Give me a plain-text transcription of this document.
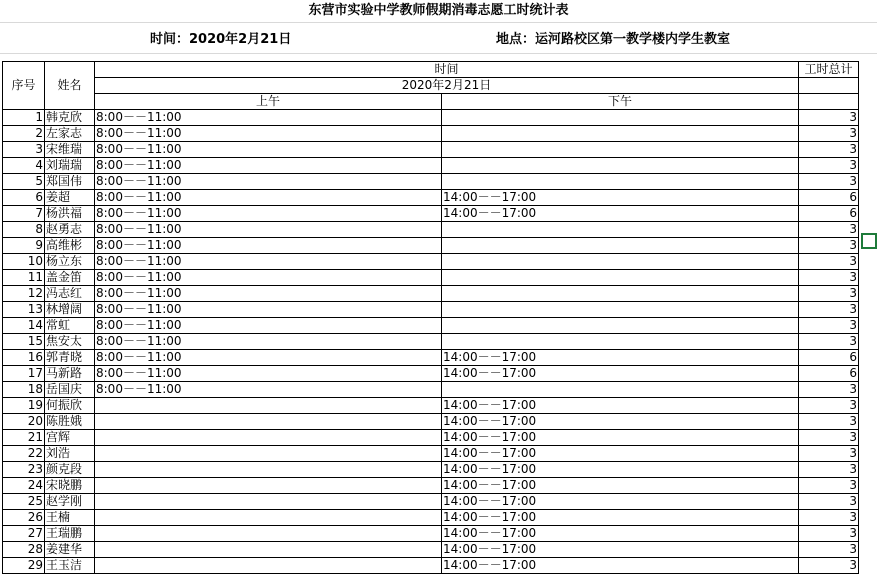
东营市实验中学教师假期消毒志愿工时统计表
时间：2020年2月21日	地点：运河路校区第一教学楼内学生教室
序号	姓名	时间		工时总计
		2020年2月21日		
		上午	下午	
1	韩克欣	8:00－－11:00		3
2	左家志	8:00－－11:00		3
3	宋维瑞	8:00－－11:00		3
4	刘瑞瑞	8:00－－11:00		3
5	郑国伟	8:00－－11:00		3
6	姜超	8:00－－11:00	14:00－－17:00	6
7	杨洪福	8:00－－11:00	14:00－－17:00	6
8	赵勇志	8:00－－11:00		3
9	高维彬	8:00－－11:00		3
10	杨立东	8:00－－11:00		3
11	盖金笛	8:00－－11:00		3
12	冯志红	8:00－－11:00		3
13	林增阔	8:00－－11:00		3
14	常虹	8:00－－11:00		3
15	焦安太	8:00－－11:00		3
16	郭青晓	8:00－－11:00	14:00－－17:00	6
17	马新路	8:00－－11:00	14:00－－17:00	6
18	岳国庆	8:00－－11:00		3
19	何振欣		14:00－－17:00	3
20	陈胜娥		14:00－－17:00	3
21	宫辉		14:00－－17:00	3
22	刘浩		14:00－－17:00	3
23	颜克段		14:00－－17:00	3
24	宋晓鹏		14:00－－17:00	3
25	赵学刚		14:00－－17:00	3
26	王楠		14:00－－17:00	3
27	王瑞鹏		14:00－－17:00	3
28	姜建华		14:00－－17:00	3
29	王玉洁		14:00－－17:00	3
